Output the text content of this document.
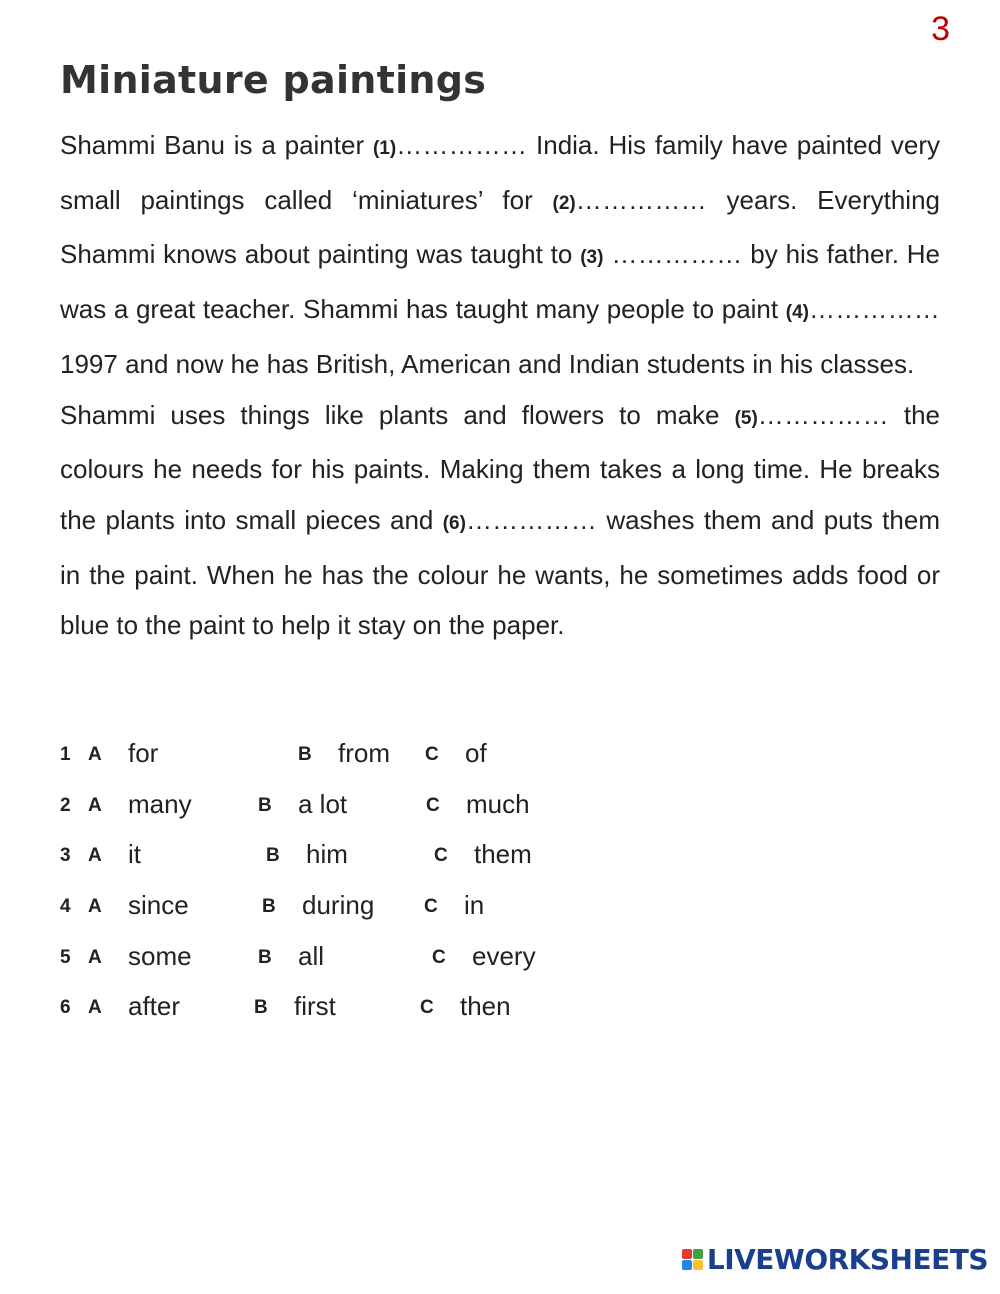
3
Miniature paintings

Shammi Banu is a painter (1)…………… India. His family have painted very small paintings called ‘miniatures’ for (2)…………… years. Everything Shammi knows about painting was taught to (3) …………… by his father. He was a great teacher. Shammi has taught many people to paint (4)…………… 1997 and now he has British, American and Indian students in his classes.

Shammi uses things like plants and flowers to make (5)…………… the colours he needs for his paints. Making them takes a long time. He breaks the plants into small pieces and (6)…………… washes them and puts them in the paint. When he has the colour he wants, he sometimes adds food or blue to the paint to help it stay on the paper.

1 A for	B from C of
2 A many	B a lot	C much
3 A it	B him	C them
4 A since	B during	C in
5 A some	B all	C every
6 A after	B first	C then
LIVEWORKSHEETS
